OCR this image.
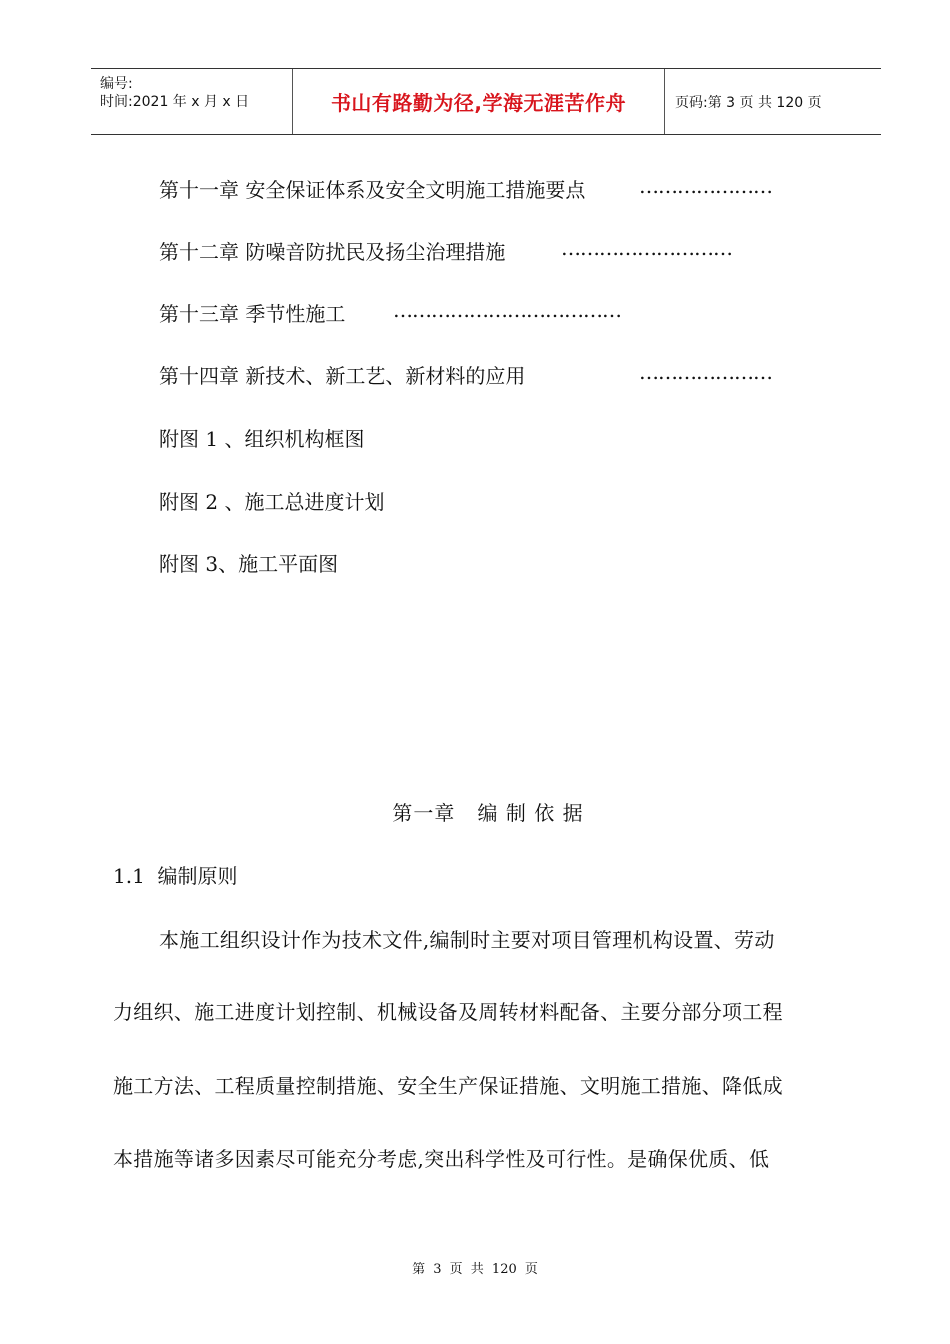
编号:
时间:2021 年 x 月 x 日	书山有路勤为径,学海无涯苦作舟	页码:第 3 页 共 120 页
第十一章 安全保证体系及安全文明施工措施要点	…………………
第十二章 防噪音防扰民及扬尘治理措施	………………………
第十三章 季节性施工 ………………………………
第十四章 新技术、新工艺、新材料的应用	…………………
附图 1 、组织机构框图
附图 2 、施工总进度计划
附图 3、施工平面图
第一章   编 制 依 据
1.1  编制原则
本施工组织设计作为技术文件,编制时主要对项目管理机构设置、劳动
力组织、施工进度计划控制、机械设备及周转材料配备、主要分部分项工程
施工方法、工程质量控制措施、安全生产保证措施、文明施工措施、降低成
本措施等诸多因素尽可能充分考虑,突出科学性及可行性。是确保优质、低
第 3 页 共 120 页
